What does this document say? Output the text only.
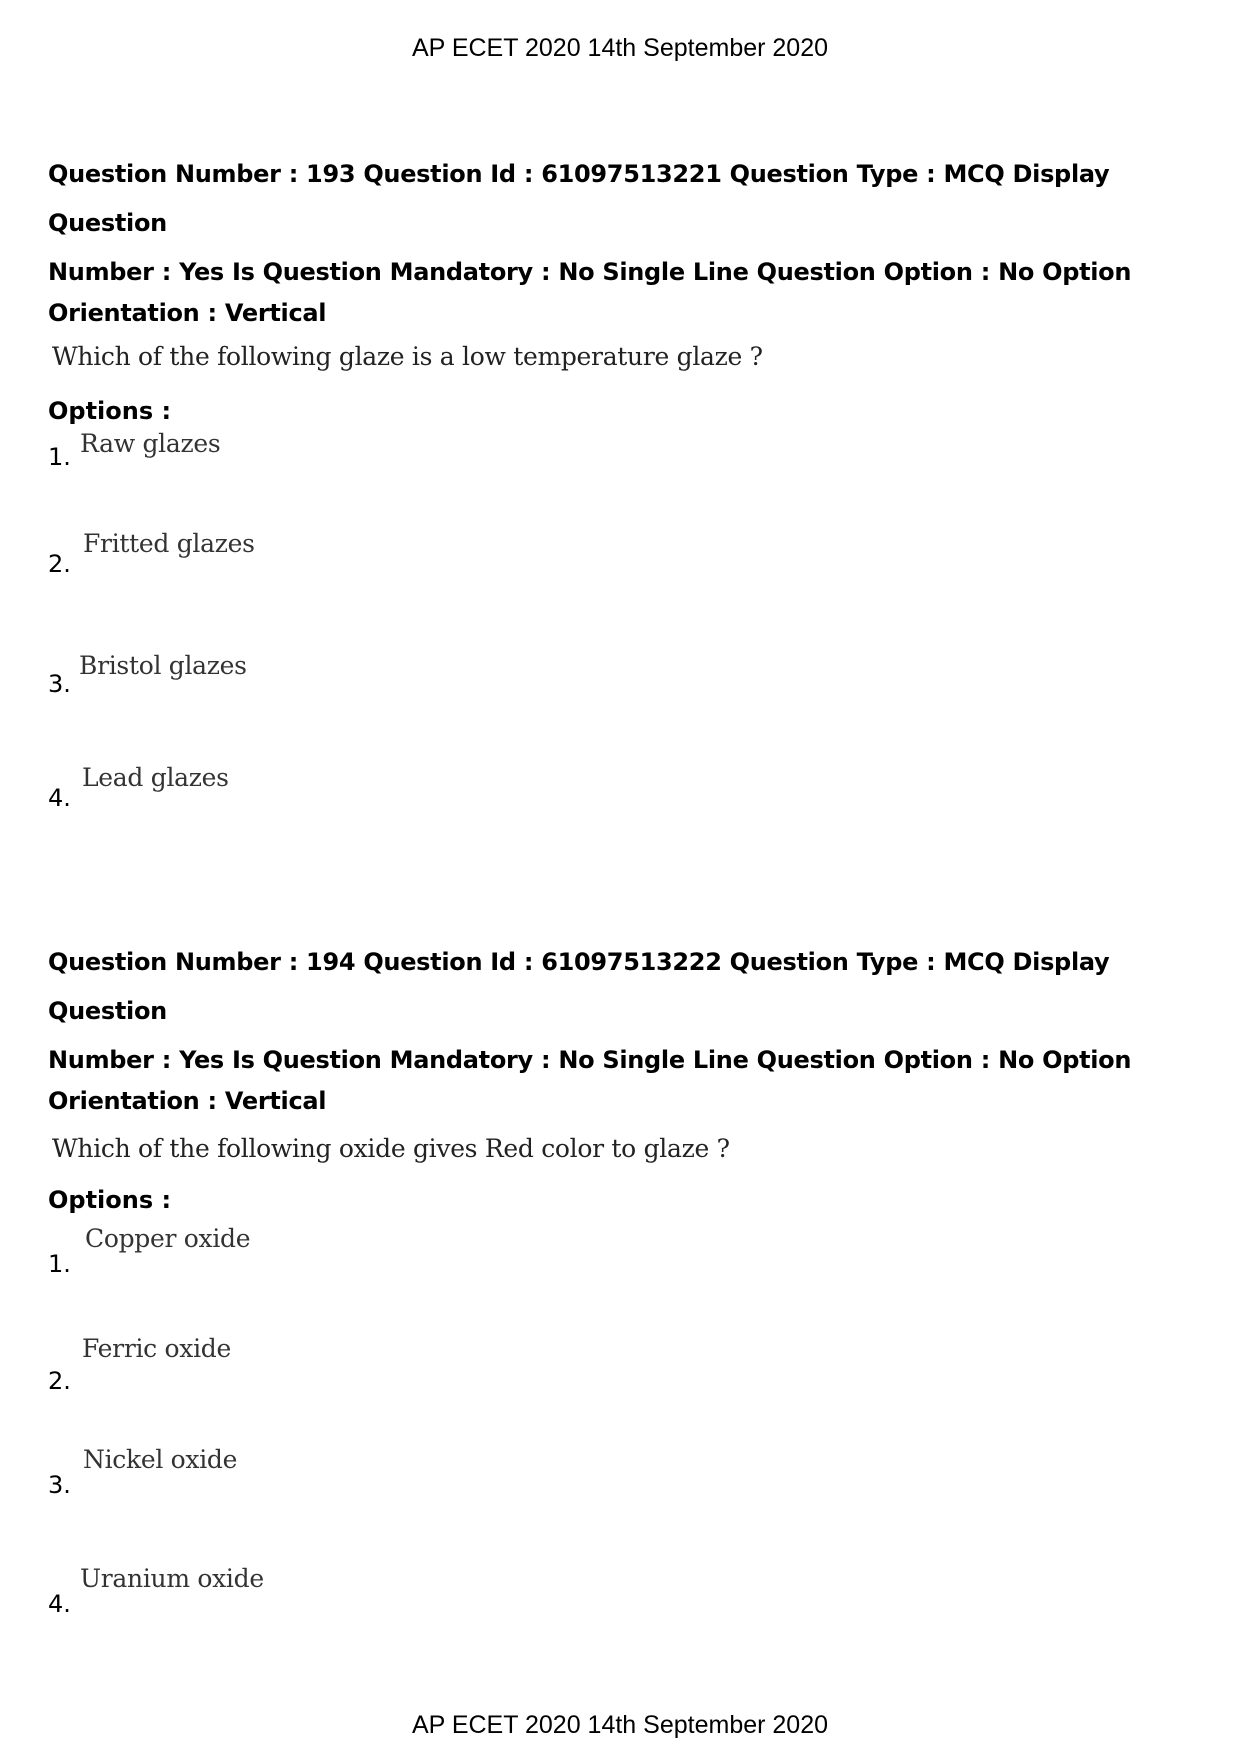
AP ECET 2020 14th September 2020
Question Number : 193 Question Id : 61097513221 Question Type : MCQ Display Question
Number : Yes Is Question Mandatory : No Single Line Question Option : No Option
Orientation : Vertical
Which of the following glaze is a low temperature glaze ?
Options :
1. Raw glazes
2.
Fritted glazes
3.
Bristol glazes
4.
Lead glazes
Question Number : 194 Question Id : 61097513222 Question Type : MCQ Display Question
Number : Yes Is Question Mandatory : No Single Line Question Option : No Option
Orientation : Vertical
Which of the following oxide gives Red color to glaze ?
Options :
1.
Copper oxide
2.
Ferric oxide
3.
Nickel oxide
4.
Uranium oxide
AP ECET 2020 14th September 2020
